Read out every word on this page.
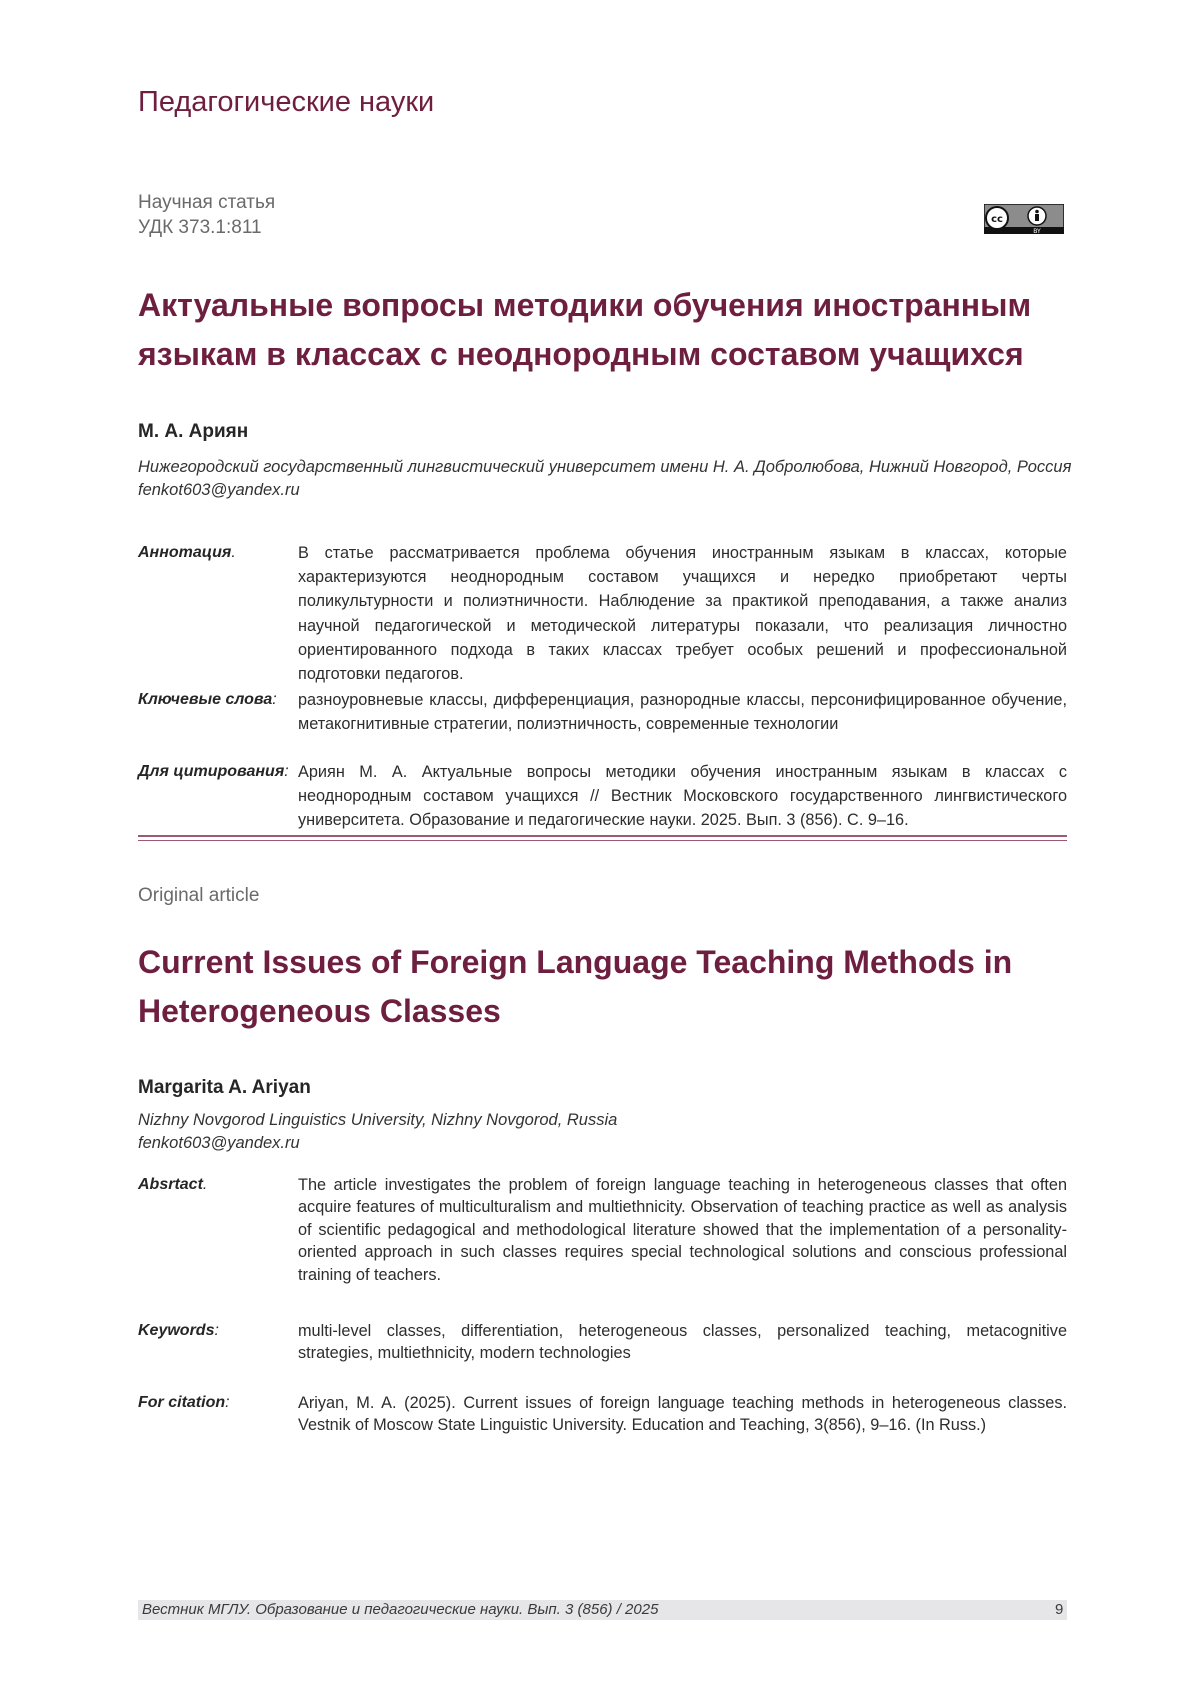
Педагогические науки
Научная статья
УДК 373.1:811	cc
BY
Актуальные вопросы методики обучения иностранным языкам в классах с неоднородным составом учащихся
М. А. Ариян
Нижегородский государственный лингвистический университет имени Н. А. Добролюбова, Нижний Новгород, Россия
fenkot603@yandex.ru
Аннотация.	В статье рассматривается проблема обучения иностранным языкам в классах, которые характеризуются неоднородным составом учащихся и нередко приобретают черты поликультурности и полиэтничности. Наблюдение за практикой преподавания, а также анализ научной педагогической и методической литературы показали, что реализация личностно ориентированного подхода в таких классах требует особых решений и профессиональной подготовки педагогов.
Ключевые слова: разноуровневые классы, дифференциация, разнородные классы, персонифицированное обучение, метакогнитивные стратегии, полиэтничность, современные технологии
Для цитирования: Ариян М. А. Актуальные вопросы методики обучения иностранным языкам в классах с неоднородным составом учащихся // Вестник Московского государственного лингвистического университета. Образование и педагогические науки. 2025. Вып. 3 (856). С. 9–16.
Original article
Current Issues of Foreign Language Teaching Methods in Heterogeneous Classes
Margarita A. Ariyan
Nizhny Novgorod Linguistics University, Nizhny Novgorod, Russia
fenkot603@yandex.ru
Absrtact.	The article investigates the problem of foreign language teaching in heterogeneous classes that often acquire features of multiculturalism and multiethnicity. Observation of teaching practice as well as analysis of scientific pedagogical and methodological literature showed that the implementation of a personality-oriented approach in such classes requires special technological solutions and conscious professional training of teachers.
Keywords:	multi-level classes, differentiation, heterogeneous classes, personalized teaching, metacognitive strategies, multiethnicity, modern technologies
For citation:	Ariyan, M. A. (2025). Current issues of foreign language teaching methods in heterogeneous classes. Vestnik of Moscow State Linguistic University. Education and Teaching, 3(856), 9–16. (In Russ.)
Вестник МГЛУ. Образование и педагогические науки. Вып. 3 (856) / 2025	9
